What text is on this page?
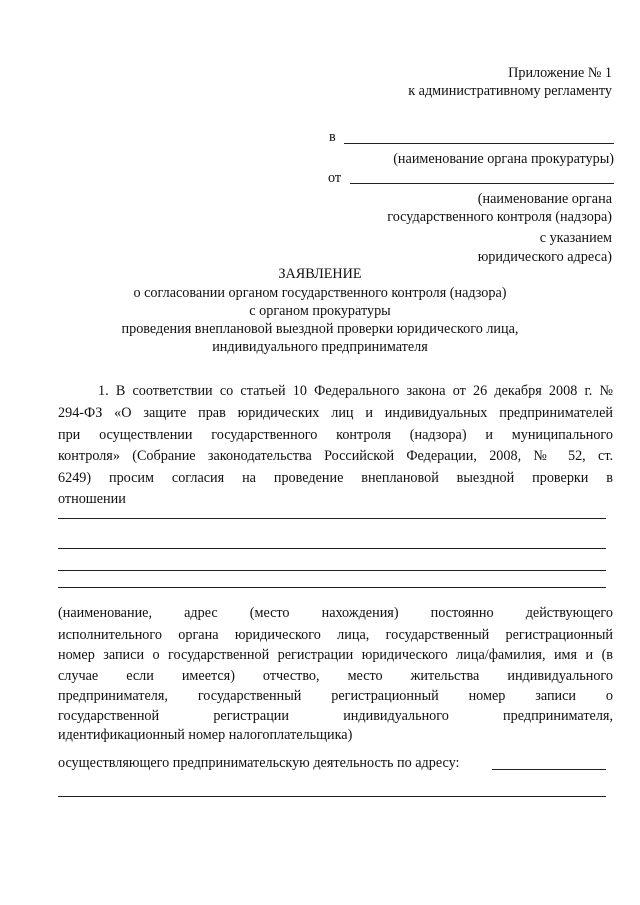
Приложение № 1
к административному регламенту
в
(наименование органа прокуратуры)
от
(наименование органа
государственного контроля (надзора)
с указанием
юридического адреса)
ЗАЯВЛЕНИЕ
о согласовании органом государственного контроля (надзора)
с органом прокуратуры
проведения внеплановой выездной проверки юридического лица,
индивидуального предпринимателя
1. В соответствии со статьей 10 Федерального закона от 26 декабря 2008 г. №
294-ФЗ «О защите прав юридических лиц и индивидуальных предпринимателей
при осуществлении государственного контроля (надзора) и муниципального
контроля» (Собрание законодательства Российской Федерации, 2008, № 52, ст.
6249) просим согласия на проведение внеплановой выездной проверки в
отношении
(наименование, адрес (место нахождения) постоянно действующего
исполнительного органа юридического лица, государственный регистрационный
номер записи о государственной регистрации юридического лица/фамилия, имя и (в
случае если имеется) отчество, место жительства индивидуального
предпринимателя, государственный регистрационный номер записи о
государственной регистрации индивидуального предпринимателя,
идентификационный номер налогоплательщика)
осуществляющего предпринимательскую деятельность по адресу:
